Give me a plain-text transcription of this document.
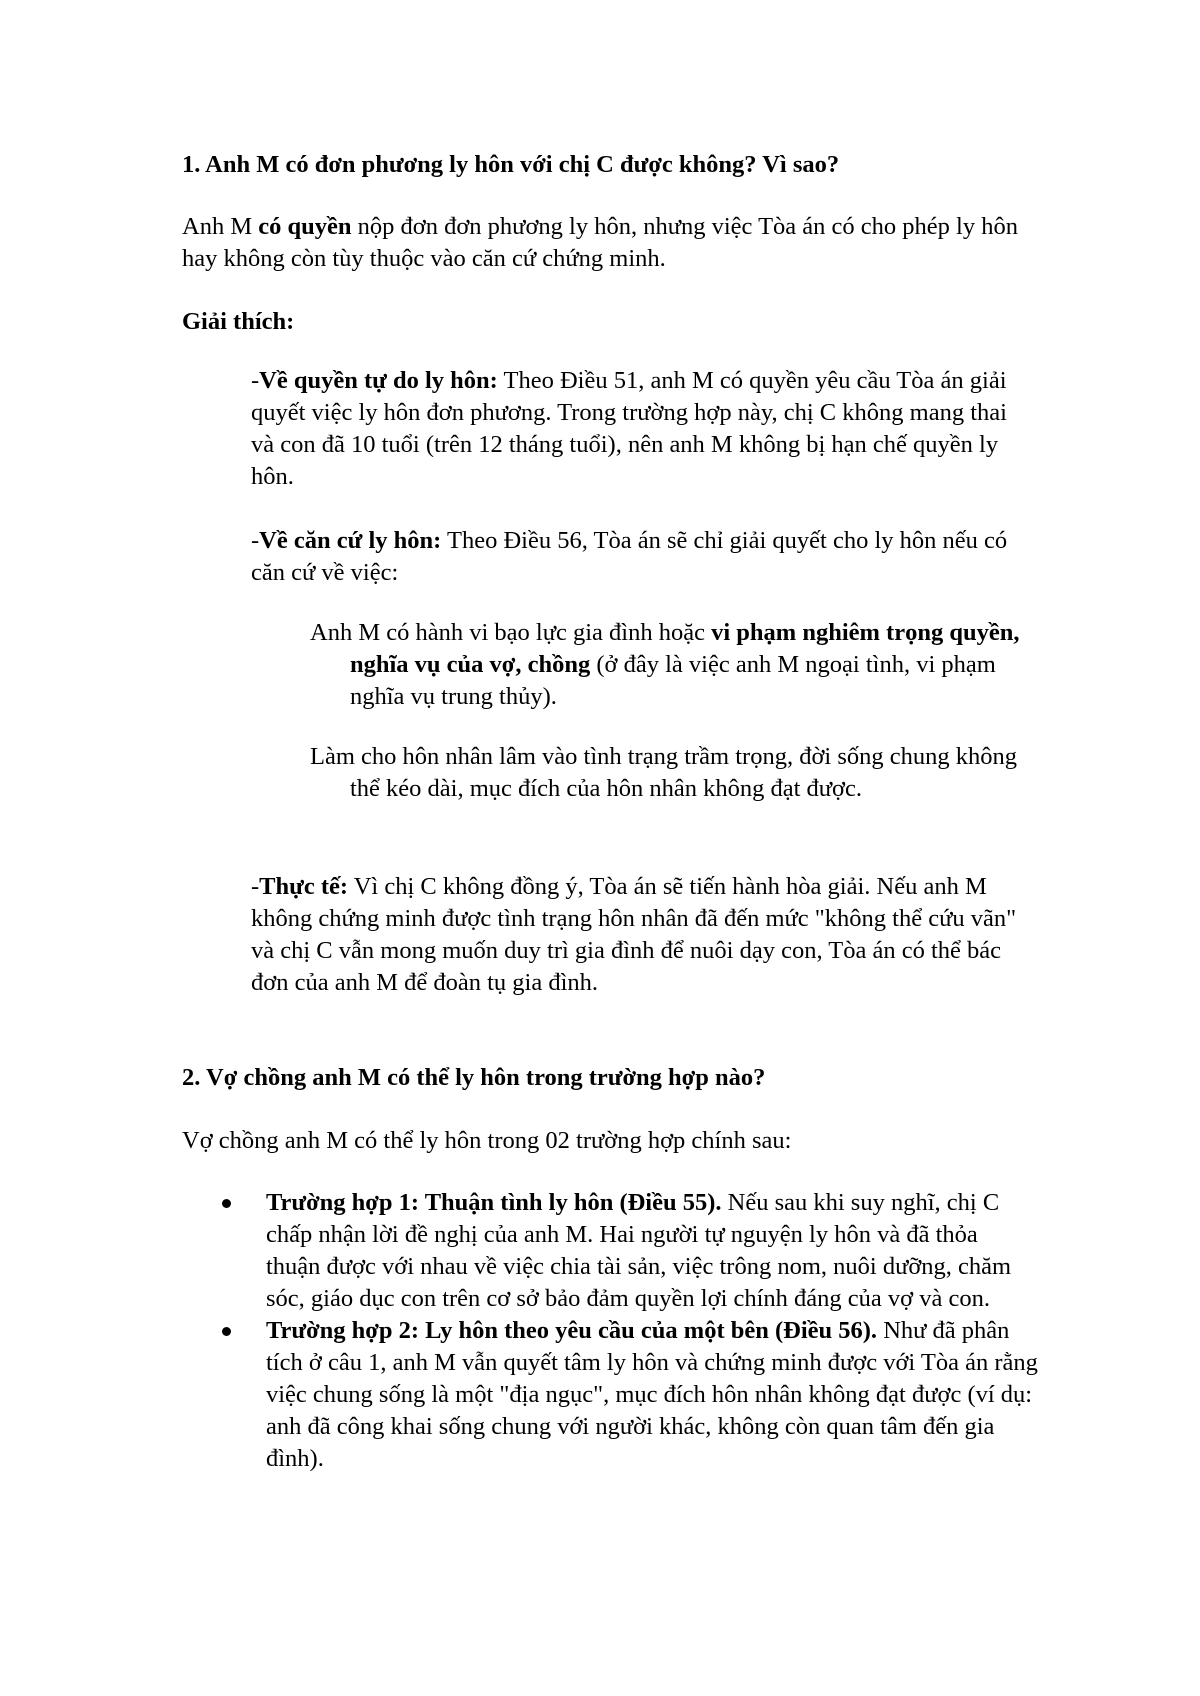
1. Anh M có đơn phương ly hôn với chị C được không? Vì sao?

Anh M có quyền nộp đơn đơn phương ly hôn, nhưng việc Tòa án có cho phép ly hôn hay không còn tùy thuộc vào căn cứ chứng minh.

Giải thích:

-Về quyền tự do ly hôn: Theo Điều 51, anh M có quyền yêu cầu Tòa án giải quyết việc ly hôn đơn phương. Trong trường hợp này, chị C không mang thai và con đã 10 tuổi (trên 12 tháng tuổi), nên anh M không bị hạn chế quyền ly hôn.

-Về căn cứ ly hôn: Theo Điều 56, Tòa án sẽ chỉ giải quyết cho ly hôn nếu có căn cứ về việc:

Anh M có hành vi bạo lực gia đình hoặc vi phạm nghiêm trọng quyền, nghĩa vụ của vợ, chồng (ở đây là việc anh M ngoại tình, vi phạm nghĩa vụ trung thủy).

Làm cho hôn nhân lâm vào tình trạng trầm trọng, đời sống chung không thể kéo dài, mục đích của hôn nhân không đạt được.

-Thực tế: Vì chị C không đồng ý, Tòa án sẽ tiến hành hòa giải. Nếu anh M không chứng minh được tình trạng hôn nhân đã đến mức "không thể cứu vãn" và chị C vẫn mong muốn duy trì gia đình để nuôi dạy con, Tòa án có thể bác đơn của anh M để đoàn tụ gia đình.

2. Vợ chồng anh M có thể ly hôn trong trường hợp nào?

Vợ chồng anh M có thể ly hôn trong 02 trường hợp chính sau:

Trường hợp 1: Thuận tình ly hôn (Điều 55). Nếu sau khi suy nghĩ, chị C chấp nhận lời đề nghị của anh M. Hai người tự nguyện ly hôn và đã thỏa thuận được với nhau về việc chia tài sản, việc trông nom, nuôi dưỡng, chăm sóc, giáo dục con trên cơ sở bảo đảm quyền lợi chính đáng của vợ và con.
Trường hợp 2: Ly hôn theo yêu cầu của một bên (Điều 56). Như đã phân tích ở câu 1, anh M vẫn quyết tâm ly hôn và chứng minh được với Tòa án rằng việc chung sống là một "địa ngục", mục đích hôn nhân không đạt được (ví dụ: anh đã công khai sống chung với người khác, không còn quan tâm đến gia đình).
